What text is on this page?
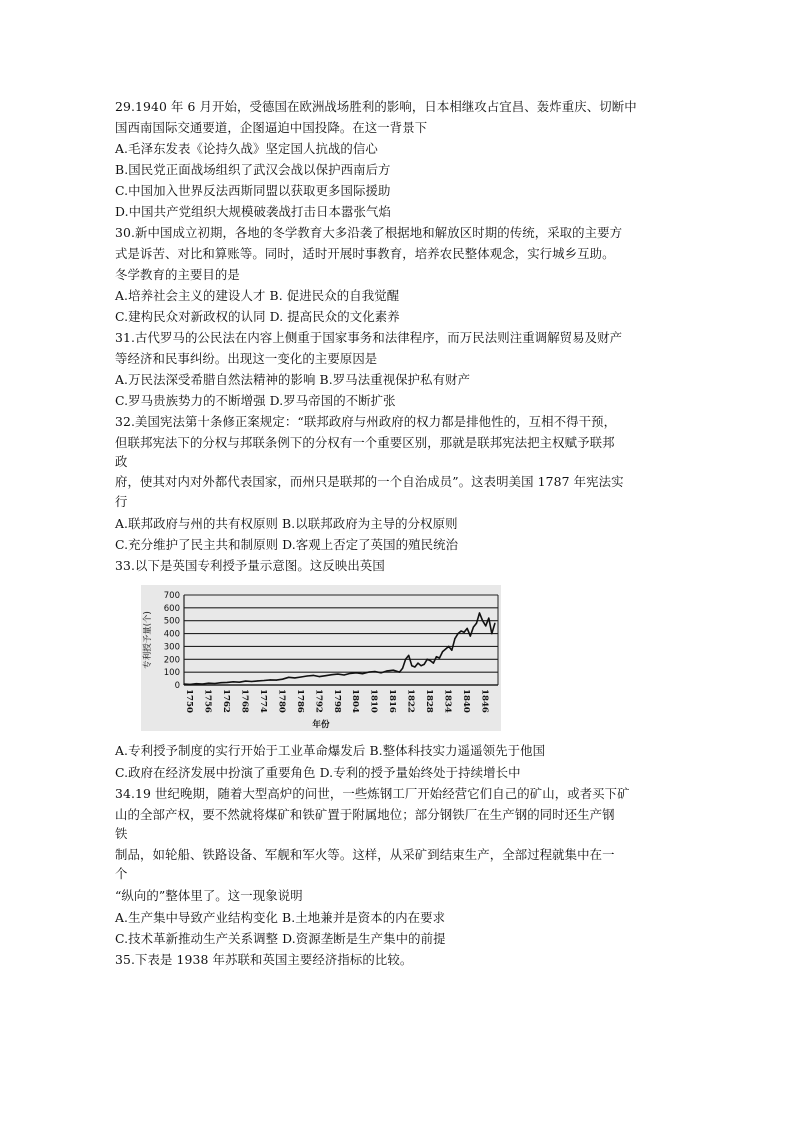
29.1940 年 6 月开始，受德国在欧洲战场胜利的影响，日本相继攻占宜昌、轰炸重庆、切断中
国西南国际交通要道，企图逼迫中国投降。在这一背景下
A.毛泽东发表《论持久战》坚定国人抗战的信心
B.国民党正面战场组织了武汉会战以保护西南后方
C.中国加入世界反法西斯同盟以获取更多国际援助
D.中国共产党组织大规模破袭战打击日本嚣张气焰
30.新中国成立初期，各地的冬学教育大多沿袭了根据地和解放区时期的传统，采取的主要方
式是诉苦、对比和算账等。同时，适时开展时事教育，培养农民整体观念，实行城乡互助。
冬学教育的主要目的是
A.培养社会主义的建设人才 B. 促进民众的自我觉醒
C.建构民众对新政权的认同 D. 提高民众的文化素养
31.古代罗马的公民法在内容上侧重于国家事务和法律程序，而万民法则注重调解贸易及财产
等经济和民事纠纷。出现这一变化的主要原因是
A.万民法深受希腊自然法精神的影响 B.罗马法重视保护私有财产
C.罗马贵族势力的不断增强 D.罗马帝国的不断扩张
32.美国宪法第十条修正案规定：“联邦政府与州政府的权力都是排他性的，互相不得干预，
但联邦宪法下的分权与邦联条例下的分权有一个重要区别，那就是联邦宪法把主权赋予联邦
政
府，使其对内对外都代表国家，而州只是联邦的一个自治成员”。这表明美国 1787 年宪法实
行
A.联邦政府与州的共有权原则 B.以联邦政府为主导的分权原则
C.充分维护了民主共和制原则 D.客观上否定了英国的殖民统治
33.以下是英国专利授予量示意图。这反映出英国
0
100
200
300
400
500
600
700
1750 1756 1762 1768 1774 1780 1786 1792 1798 1804 1810 1816 1822 1828 1834 1840 1846
年份
专利授予量(个)
A.专利授予制度的实行开始于工业革命爆发后 B.整体科技实力遥遥领先于他国
C.政府在经济发展中扮演了重要角色 D.专利的授予量始终处于持续增长中
34.19 世纪晚期，随着大型高炉的问世，一些炼钢工厂开始经营它们自己的矿山，或者买下矿
山的全部产权，要不然就将煤矿和铁矿置于附属地位；部分钢铁厂在生产钢的同时还生产钢
铁
制品，如轮船、铁路设备、军舰和军火等。这样，从采矿到结束生产，全部过程就集中在一
个
“纵向的”整体里了。这一现象说明
A.生产集中导致产业结构变化 B.土地兼并是资本的内在要求
C.技术革新推动生产关系调整 D.资源垄断是生产集中的前提
35.下表是 1938 年苏联和英国主要经济指标的比较。
